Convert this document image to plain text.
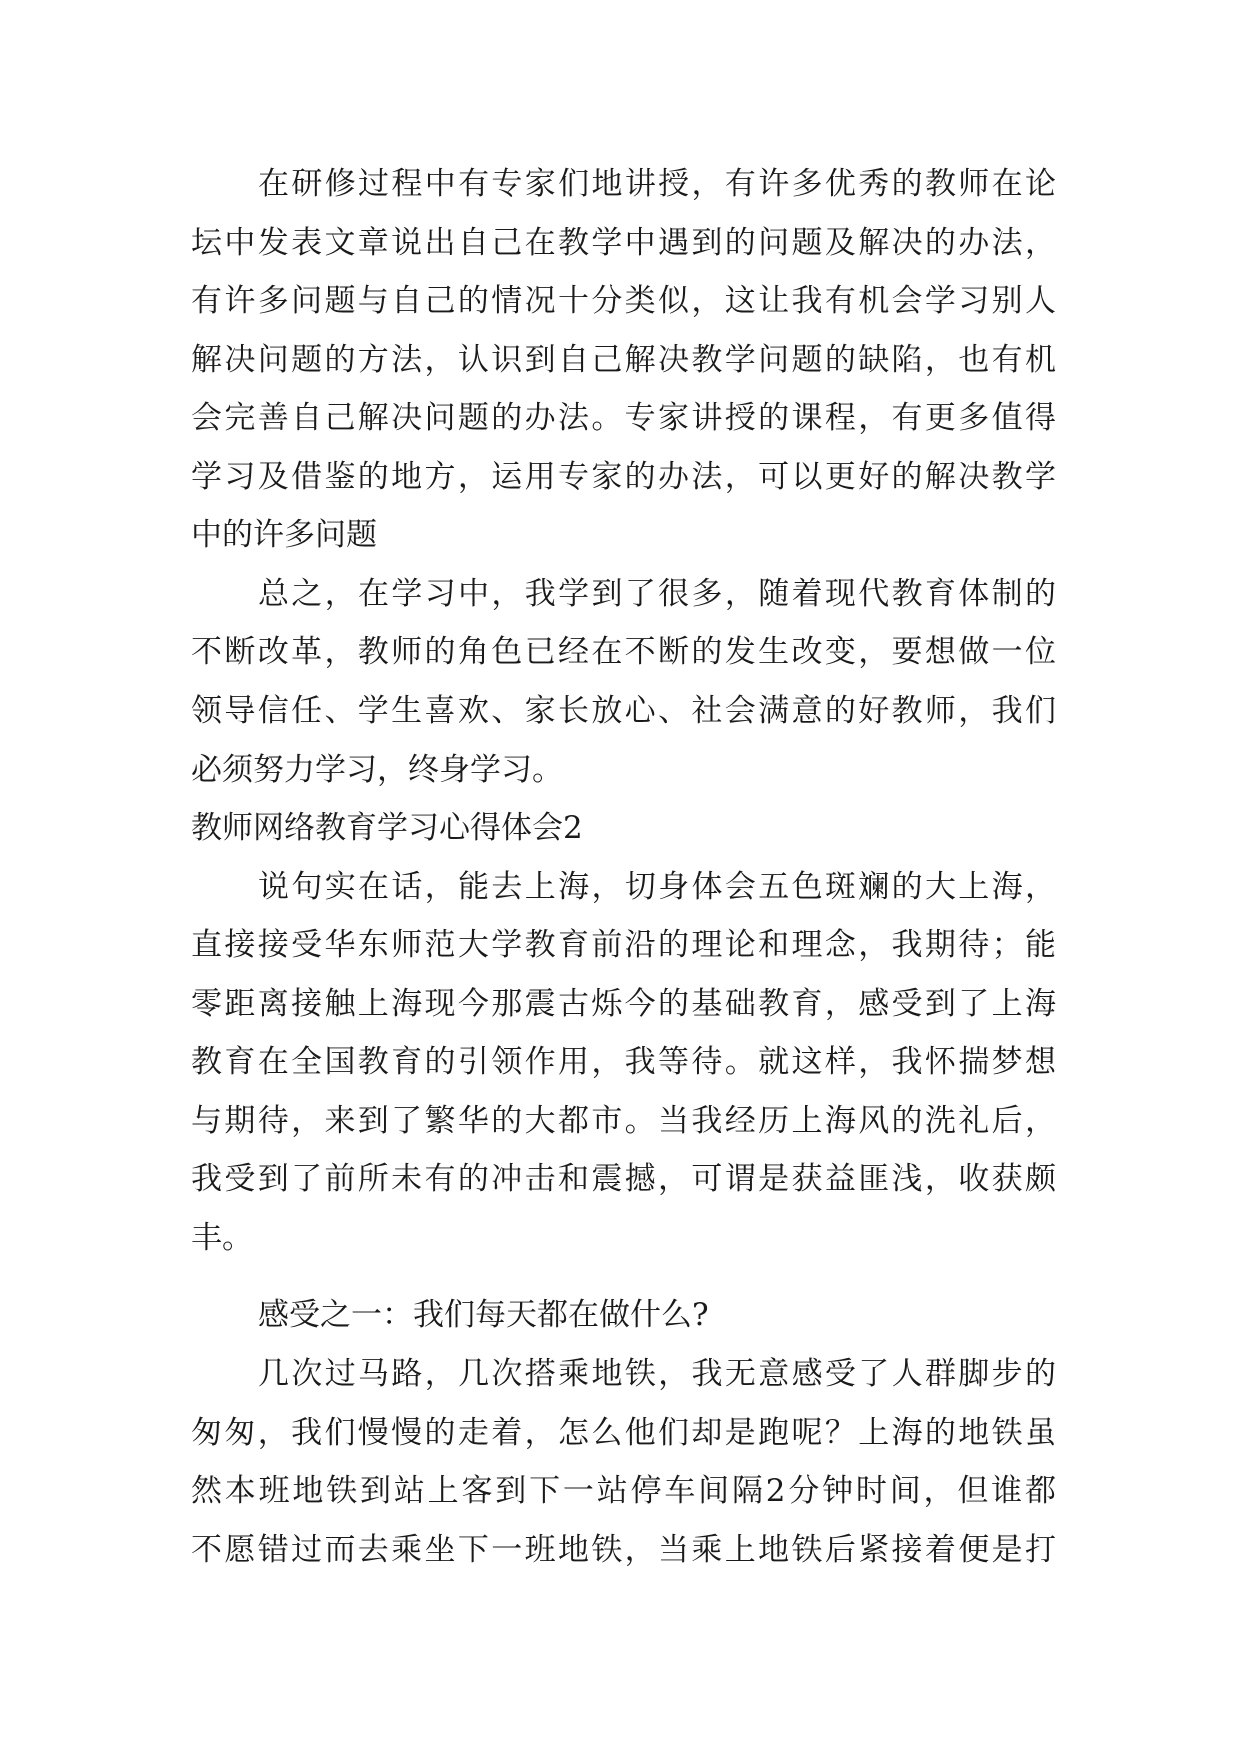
在研修过程中有专家们地讲授，有许多优秀的教师在论
坛中发表文章说出自己在教学中遇到的问题及解决的办法，
有许多问题与自己的情况十分类似，这让我有机会学习别人
解决问题的方法，认识到自己解决教学问题的缺陷，也有机
会完善自己解决问题的办法。专家讲授的课程，有更多值得
学习及借鉴的地方，运用专家的办法，可以更好的解决教学
中的许多问题
总之，在学习中，我学到了很多，随着现代教育体制的
不断改革，教师的角色已经在不断的发生改变，要想做一位
领导信任、学生喜欢、家长放心、社会满意的好教师，我们
必须努力学习，终身学习。
教师网络教育学习心得体会2
说句实在话，能去上海，切身体会五色斑斓的大上海，
直接接受华东师范大学教育前沿的理论和理念，我期待；能
零距离接触上海现今那震古烁今的基础教育，感受到了上海
教育在全国教育的引领作用，我等待。就这样，我怀揣梦想
与期待，来到了繁华的大都市。当我经历上海风的洗礼后，
我受到了前所未有的冲击和震撼，可谓是获益匪浅，收获颇
丰。
感受之一：我们每天都在做什么?
几次过马路，几次搭乘地铁，我无意感受了人群脚步的
匆匆，我们慢慢的走着，怎么他们却是跑呢？上海的地铁虽
然本班地铁到站上客到下一站停车间隔2分钟时间，但谁都
不愿错过而去乘坐下一班地铁，当乘上地铁后紧接着便是打
